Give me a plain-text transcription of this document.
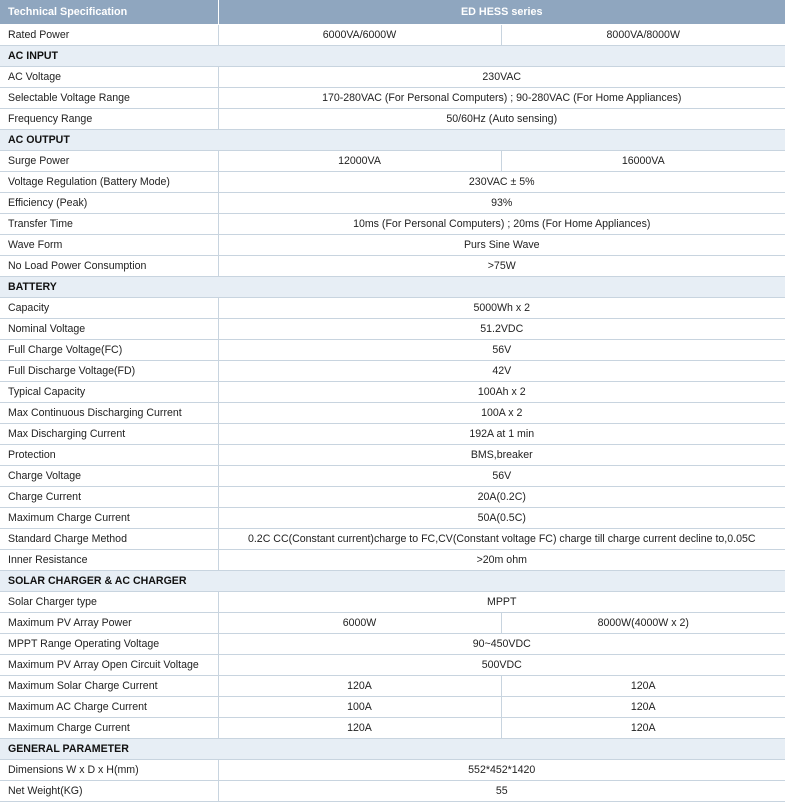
Technical Specification	ED HESS series	
Rated Power	6000VA/6000W	8000VA/8000W
AC INPUT		
AC Voltage	230VAC	
Selectable Voltage Range	170-280VAC (For Personal Computers) ; 90-280VAC (For Home Appliances)	
Frequency Range	50/60Hz (Auto sensing)	
AC OUTPUT		
Surge Power	12000VA	16000VA
Voltage Regulation (Battery Mode)	230VAC ± 5%	
Efficiency (Peak)	93%	
Transfer Time	10ms (For Personal Computers) ; 20ms (For Home Appliances)	
Wave Form	Purs Sine Wave	
No Load Power Consumption	>75W	
BATTERY		
Capacity	5000Wh x 2	
Nominal Voltage	51.2VDC	
Full Charge Voltage(FC)	56V	
Full Discharge Voltage(FD)	42V	
Typical Capacity	100Ah x 2	
Max Continuous Discharging Current	100A x 2	
Max Discharging Current	192A at 1 min	
Protection	BMS,breaker	
Charge Voltage	56V	
Charge Current	20A(0.2C)	
Maximum Charge Current	50A(0.5C)	
Standard Charge Method	0.2C CC(Constant current)charge to FC,CV(Constant voltage FC) charge till charge current decline to,0.05C	
Inner Resistance	>20m ohm	
SOLAR CHARGER & AC CHARGER		
Solar Charger type	MPPT	
Maximum PV Array Power	6000W	8000W(4000W x 2)
MPPT Range Operating Voltage	90~450VDC	
Maximum PV Array Open Circuit Voltage	500VDC	
Maximum Solar Charge Current	120A	120A
Maximum AC Charge Current	100A	120A
Maximum Charge Current	120A	120A
GENERAL PARAMETER		
Dimensions W x D x H(mm)	552*452*1420	
Net Weight(KG)	55	
